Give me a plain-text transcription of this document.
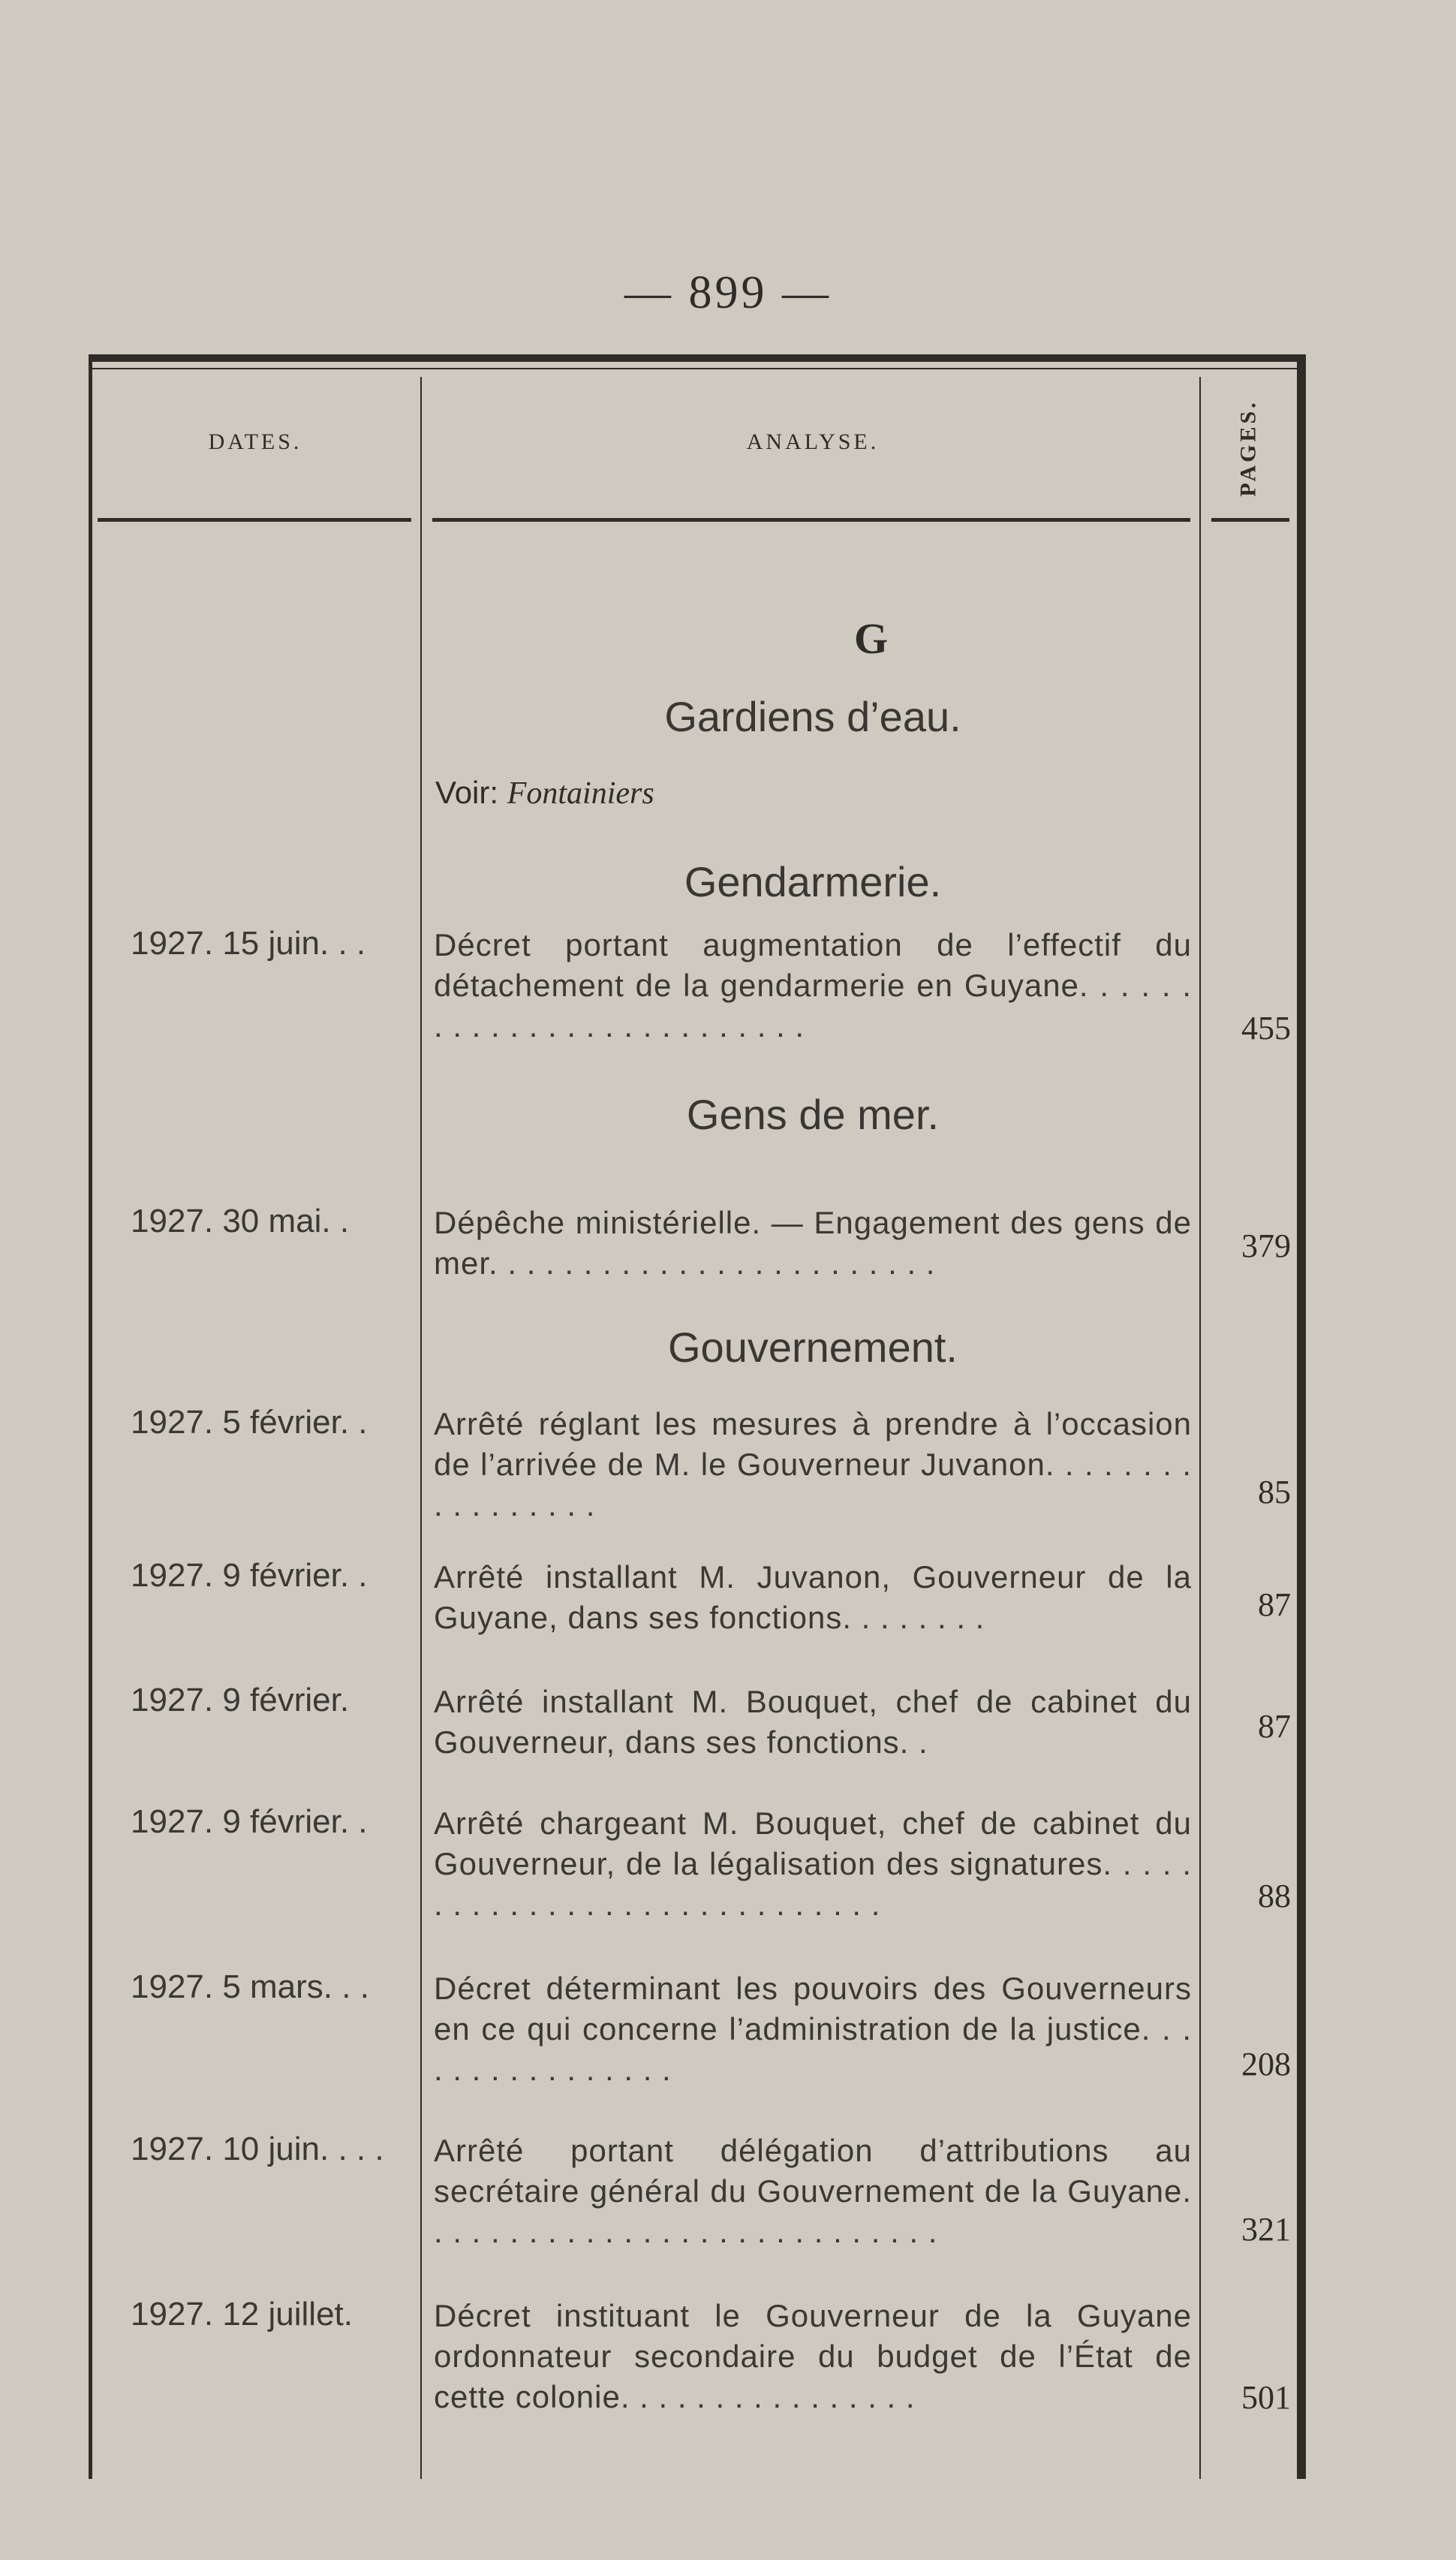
— 899 —
DATES.	ANALYSE.	PAGES.
G
Gardiens d’eau.
Voir: Fontainiers
Gendarmerie.
1927. 15 juin. . .	Décret portant augmentation de l’effectif du détachement de la gendarmerie en Guyane. . . . . . . . . . . . . . . . . . . . . . . . . .	455
Gens de mer.
1927. 30 mai. .	Dépêche ministérielle. — Engagement des gens de mer. . . . . . . . . . . . . . . . . . . . . . . .	379
Gouvernement.
1927. 5 février. .	Arrêté réglant les mesures à prendre à l’occasion de l’arrivée de M. le Gouverneur Juvanon. . . . . . . . . . . . . . . . .	85
1927. 9 février. .	Arrêté installant M. Juvanon, Gouverneur de la Guyane, dans ses fonctions. . . . . . . .	87
1927. 9 février.	Arrêté installant M. Bouquet, chef de cabinet du Gouverneur, dans ses fonctions. .	87
1927. 9 février. .	Arrêté chargeant M. Bouquet, chef de cabinet du Gouverneur, de la légalisation des signatures. . . . . . . . . . . . . . . . . . . . . . . . . . . . .	88
1927. 5 mars. . .	Décret déterminant les pouvoirs des Gouverneurs en ce qui concerne l’administration de la justice. . . . . . . . . . . . . . . .	208
1927. 10 juin. . . .	Arrêté portant délégation d’attributions au secrétaire général du Gouvernement de la Guyane. . . . . . . . . . . . . . . . . . . . . . . . . . . .	321
1927. 12 juillet.	Décret instituant le Gouverneur de la Guyane ordonnateur secondaire du budget de l’État de cette colonie. . . . . . . . . . . . . . . .	501
